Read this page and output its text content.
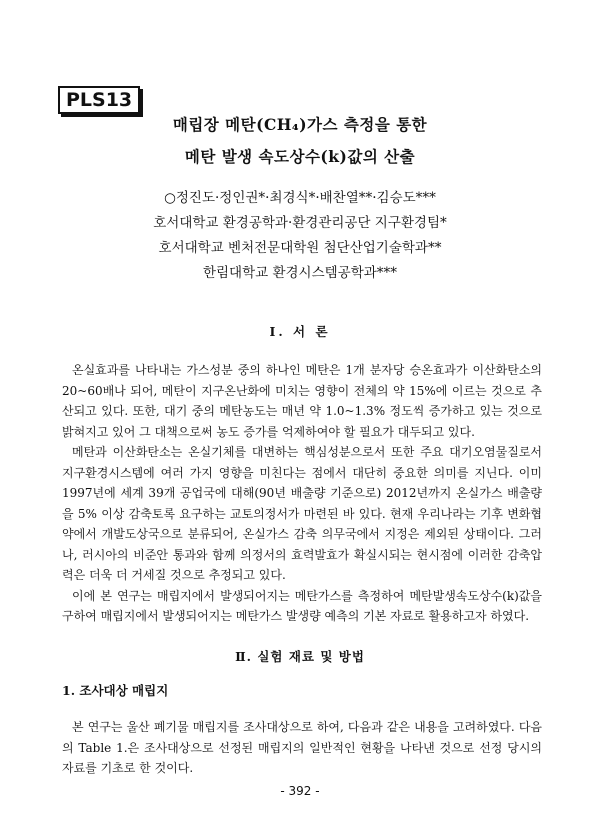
PLS13
매립장 메탄(CH₄)가스 측정을 통한
메탄 발생 속도상수(k)값의 산출
○정진도·정인권*·최경식*·배찬열**·김승도***
호서대학교 환경공학과·환경관리공단 지구환경팀*
호서대학교 벤처전문대학원 첨단산업기술학과**
한림대학교 환경시스템공학과***
Ⅰ. 서 론

온실효과를 나타내는 가스성분 중의 하나인 메탄은 1개 분자당 승온효과가 이산화탄소의 20~60배나 되어, 메탄이 지구온난화에 미치는 영향이 전체의 약 15%에 이르는 것으로 추산되고 있다. 또한, 대기 중의 메탄농도는 매년 약 1.0~1.3% 정도씩 증가하고 있는 것으로 밝혀지고 있어 그 대책으로써 농도 증가를 억제하여야 할 필요가 대두되고 있다.

메탄과 이산화탄소는 온실기체를 대변하는 핵심성분으로서 또한 주요 대기오염물질로서 지구환경시스템에 여러 가지 영향을 미친다는 점에서 대단히 중요한 의미를 지닌다. 이미 1997년에 세계 39개 공업국에 대해(90년 배출량 기준으로) 2012년까지 온실가스 배출량을 5% 이상 감축토록 요구하는 교토의정서가 마련된 바 있다. 현재 우리나라는 기후 변화협약에서 개발도상국으로 분류되어, 온실가스 감축 의무국에서 지정은 제외된 상태이다. 그러나, 러시아의 비준안 통과와 함께 의정서의 효력발효가 확실시되는 현시점에 이러한 감축압력은 더욱 더 거세질 것으로 추정되고 있다.

이에 본 연구는 매립지에서 발생되어지는 메탄가스를 측정하여 메탄발생속도상수(k)값을 구하여 매립지에서 발생되어지는 메탄가스 발생량 예측의 기본 자료로 활용하고자 하였다.

Ⅱ. 실험 재료 및 방법
1. 조사대상 매립지

본 연구는 울산 폐기물 매립지를 조사대상으로 하여, 다음과 같은 내용을 고려하였다. 다음의 Table 1.은 조사대상으로 선정된 매립지의 일반적인 현황을 나타낸 것으로 선정 당시의 자료를 기초로 한 것이다.

- 392 -
